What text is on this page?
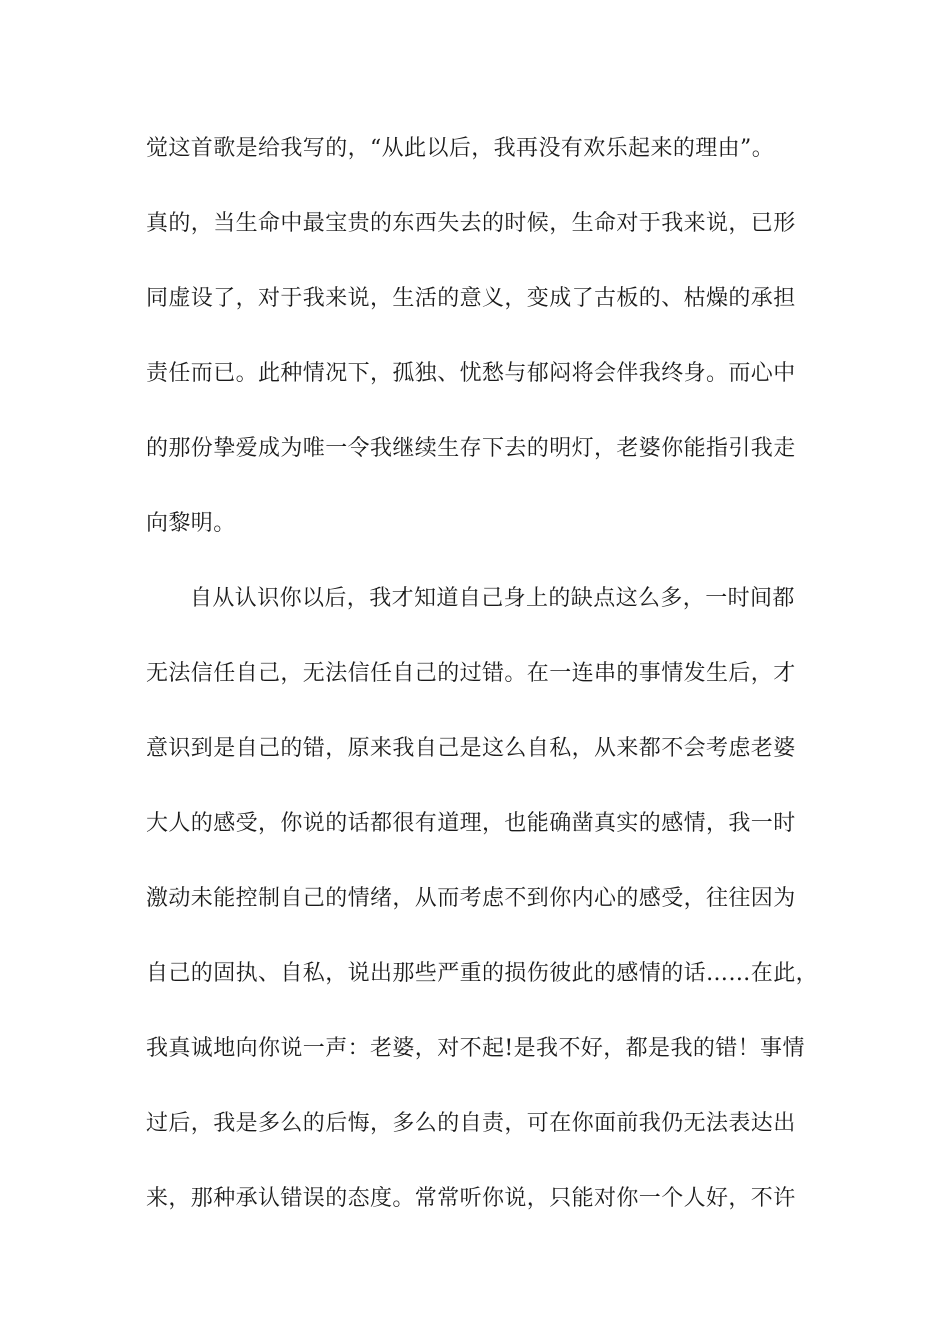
觉这首歌是给我写的，“从此以后，我再没有欢乐起来的理由”。
真的，当生命中最宝贵的东西失去的时候，生命对于我来说，已形
同虚设了，对于我来说，生活的意义，变成了古板的、枯燥的承担
责任而已。此种情况下，孤独、忧愁与郁闷将会伴我终身。而心中
的那份挚爱成为唯一令我继续生存下去的明灯，老婆你能指引我走
向黎明。
自从认识你以后，我才知道自己身上的缺点这么多，一时间都
无法信任自己，无法信任自己的过错。在一连串的事情发生后，才
意识到是自己的错，原来我自己是这么自私，从来都不会考虑老婆
大人的感受，你说的话都很有道理，也能确凿真实的感情，我一时
激动未能控制自己的情绪，从而考虑不到你内心的感受，往往因为
自己的固执、自私，说出那些严重的损伤彼此的感情的话……在此，
我真诚地向你说一声：老婆，对不起!是我不好，都是我的错！事情
过后，我是多么的后悔，多么的自责，可在你面前我仍无法表达出
来，那种承认错误的态度。常常听你说，只能对你一个人好，不许
